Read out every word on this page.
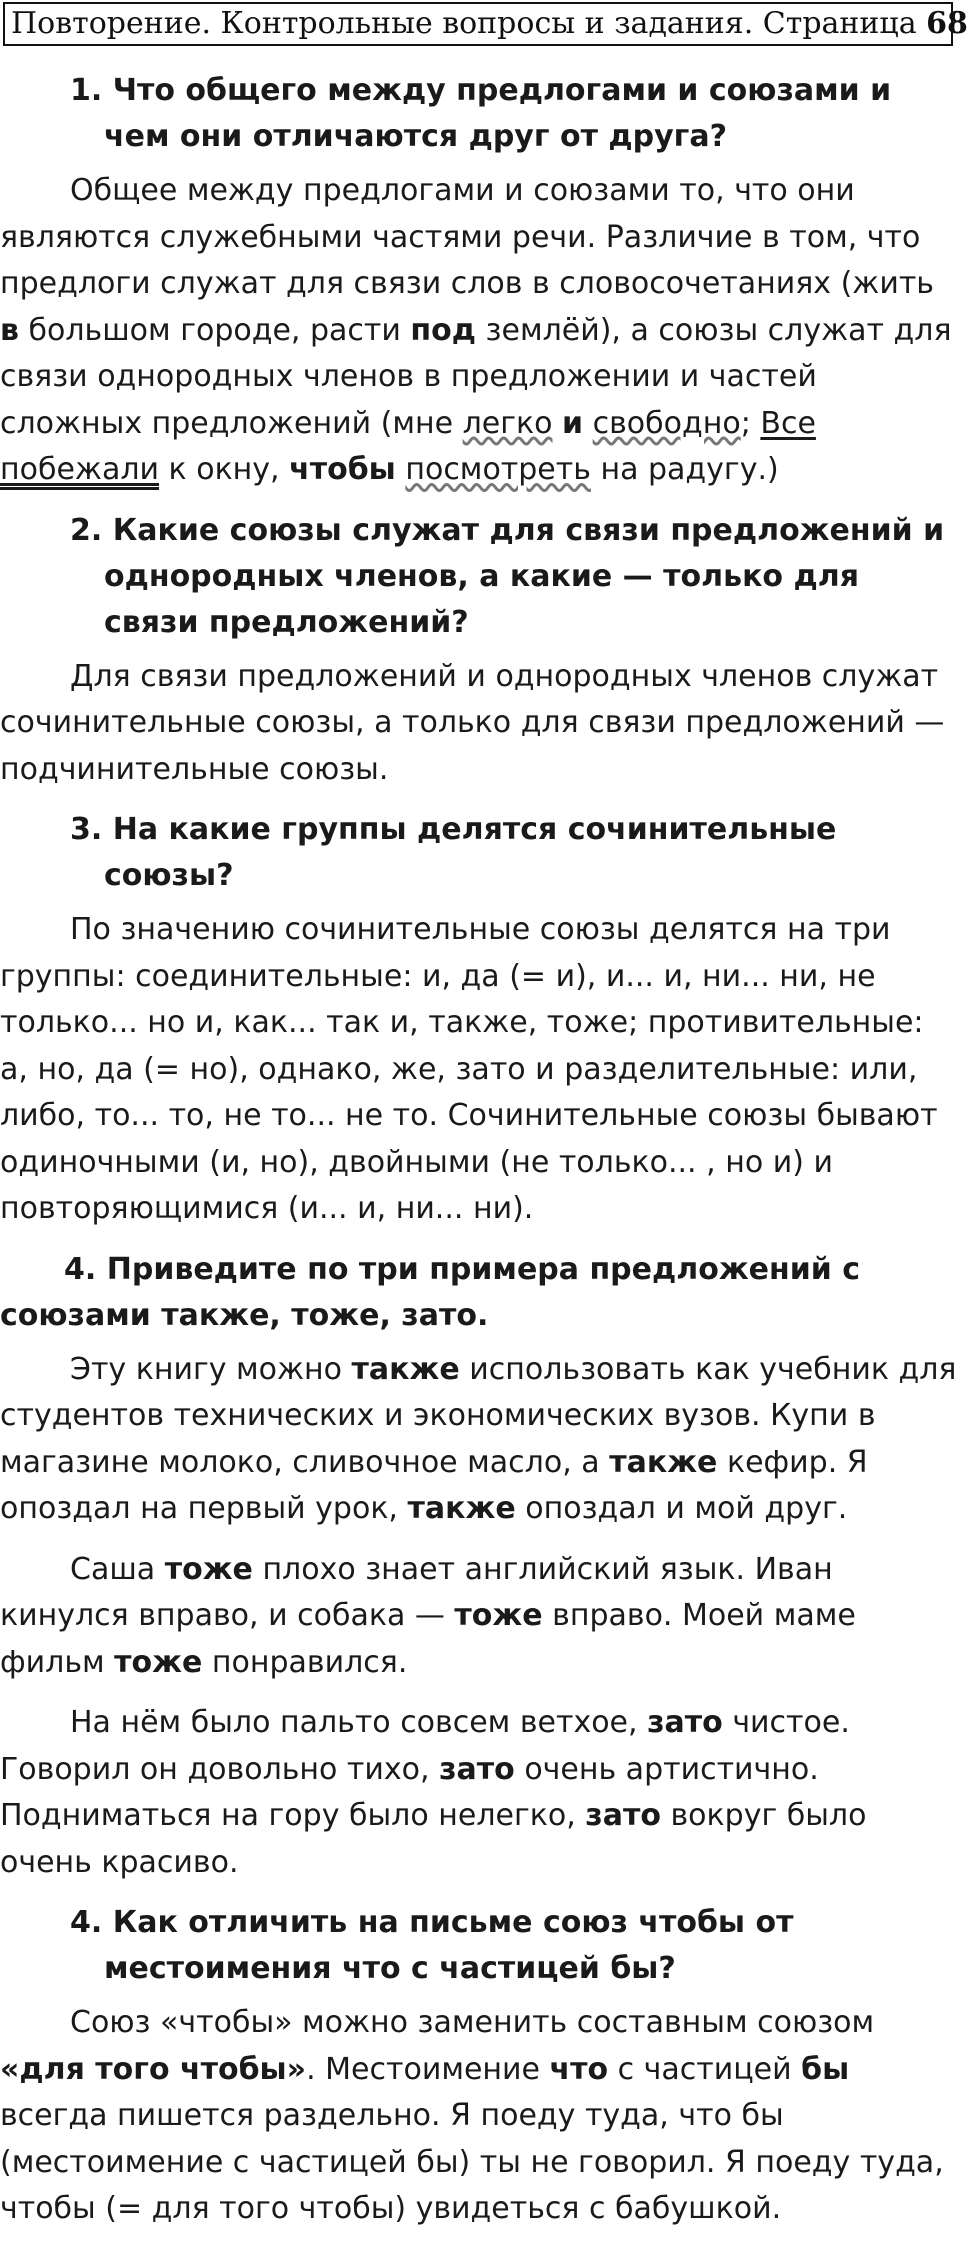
Повторение. Контрольные вопросы и задания. Страница 68

1. Что общего между предлогами и союзами и чем они отличаются друг от друга?

Общее между предлогами и союзами то, что они являются служебными частями речи. Различие в том, что предлоги служат для связи слов в словосочетаниях (жить в большом городе, расти под землёй), а союзы служат для связи однородных членов в предложении и частей сложных предложений (мне легко и свободно; Все побежали к окну, чтобы посмотреть на радугу.)

2. Какие союзы служат для связи предложений и однородных членов, а какие — только для связи предложений?

Для связи предложений и однородных членов служат сочинительные союзы, а только для связи предложений — подчинительные союзы.

3. На какие группы делятся сочинительные союзы?

По значению сочинительные союзы делятся на три группы: соединительные: и, да (= и), и... и, ни... ни, не только... но и, как... так и, также, тоже; противительные: а, но, да (= но), однако, же, зато и разделительные: или, либо, то... то, не то... не то. Сочинительные союзы бывают одиночными (и, но), двойными (не только... , но и) и повторяющимися (и... и, ни... ни).

4. Приведите по три примера предложений с союзами также, тоже, зато.

Эту книгу можно также использовать как учебник для студентов технических и экономических вузов. Купи в магазине молоко, сливочное масло, а также кефир. Я опоздал на первый урок, также опоздал и мой друг.

Саша тоже плохо знает английский язык. Иван кинулся вправо, и собака — тоже вправо. Моей маме фильм тоже понравился.

На нём было пальто совсем ветхое, зато чистое. Говорил он довольно тихо, зато очень артистично. Подниматься на гору было нелегко, зато вокруг было очень красиво.

4. Как отличить на письме союз чтобы от местоимения что с частицей бы?

Союз «чтобы» можно заменить составным союзом «для того чтобы». Местоимение что с частицей бы всегда пишется раздельно. Я поеду туда, что бы (местоимение с частицей бы) ты не говорил. Я поеду туда, чтобы (= для того чтобы) увидеться с бабушкой.
